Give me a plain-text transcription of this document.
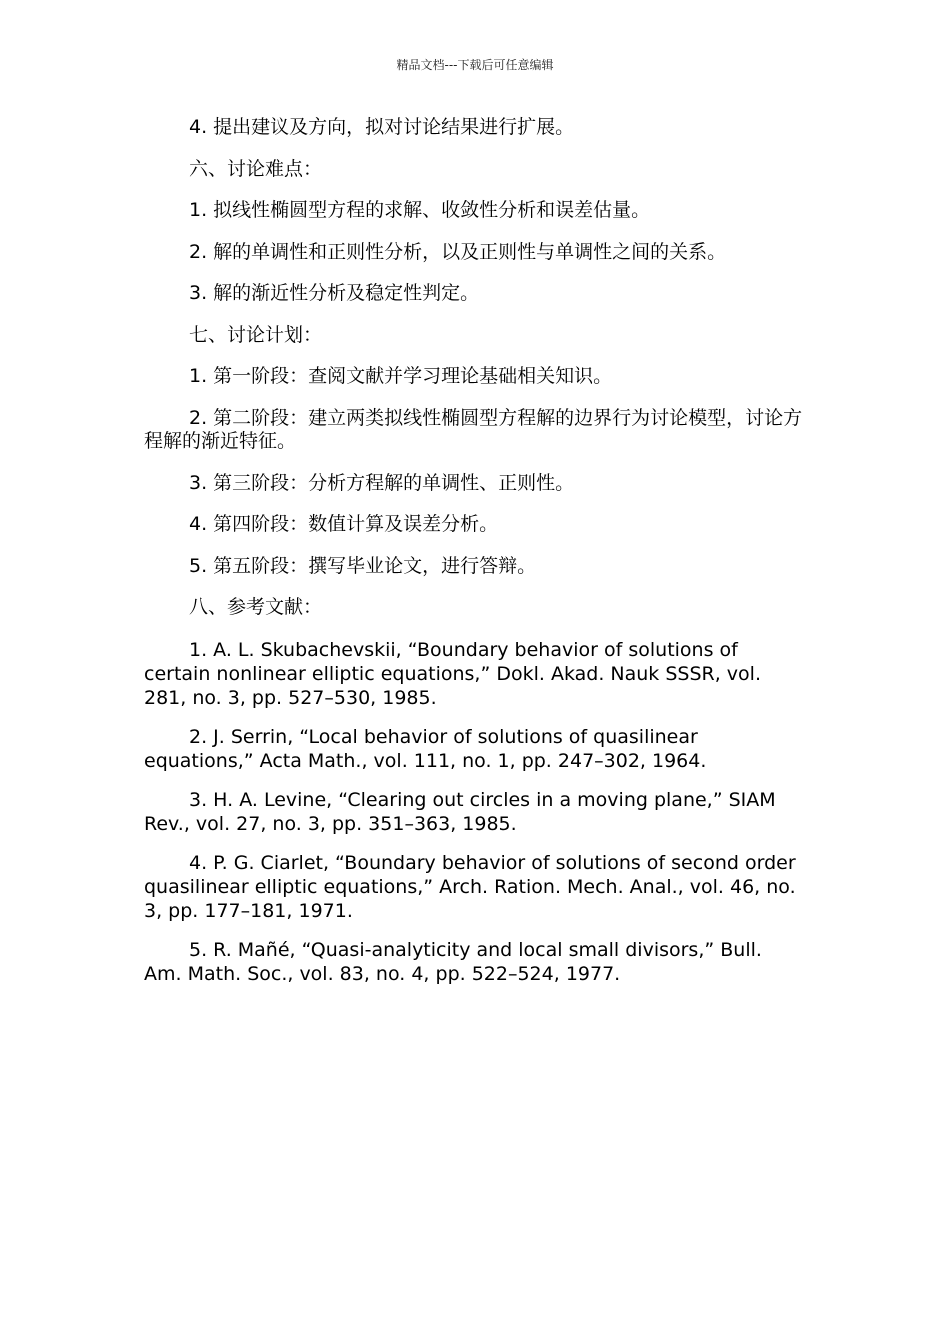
精品文档---下载后可任意编辑

4. 提出建议及方向，拟对讨论结果进行扩展。

六、讨论难点：

1. 拟线性椭圆型方程的求解、收敛性分析和误差估量。

2. 解的单调性和正则性分析，以及正则性与单调性之间的关系。

3. 解的渐近性分析及稳定性判定。

七、讨论计划：

1. 第一阶段：查阅文献并学习理论基础相关知识。

2. 第二阶段：建立两类拟线性椭圆型方程解的边界行为讨论模型，讨论方程解的渐近特征。

3. 第三阶段：分析方程解的单调性、正则性。

4. 第四阶段：数值计算及误差分析。

5. 第五阶段：撰写毕业论文，进行答辩。

八、参考文献：

1. A. L. Skubachevskii, “Boundary behavior of solutions of certain nonlinear elliptic equations,” Dokl. Akad. Nauk SSSR, vol. 281, no. 3, pp. 527–530, 1985.

2. J. Serrin, “Local behavior of solutions of quasilinear equations,” Acta Math., vol. 111, no. 1, pp. 247–302, 1964.

3. H. A. Levine, “Clearing out circles in a moving plane,” SIAM Rev., vol. 27, no. 3, pp. 351–363, 1985.

4. P. G. Ciarlet, “Boundary behavior of solutions of second order quasilinear elliptic equations,” Arch. Ration. Mech. Anal., vol. 46, no. 3, pp. 177–181, 1971.

5. R. Mañé, “Quasi-analyticity and local small divisors,” Bull. Am. Math. Soc., vol. 83, no. 4, pp. 522–524, 1977.
